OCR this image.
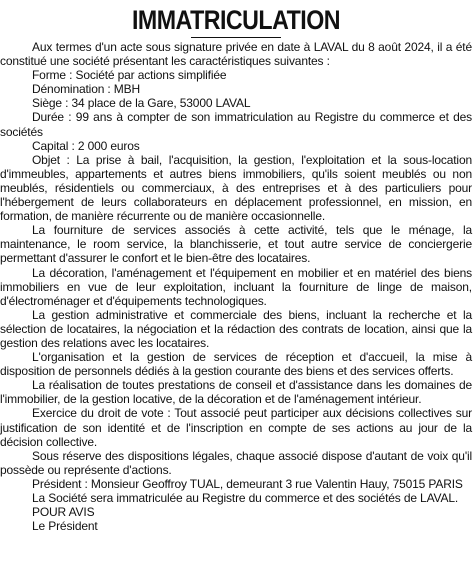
IMMATRICULATION

Aux termes d'un acte sous signature privée en date à LAVAL du 8 août 2024, il a été constitué une société présentant les caractéristiques suivantes :

Forme : Société par actions simplifiée

Dénomination : MBH

Siège : 34 place de la Gare, 53000 LAVAL

Durée : 99 ans à compter de son immatriculation au Registre du commerce et des sociétés

Capital : 2 000 euros

Objet : La prise à bail, l'acquisition, la gestion, l'exploitation et la sous-location d'immeubles, appartements et autres biens immobiliers, qu'ils soient meublés ou non meublés, résidentiels ou commerciaux, à des entreprises et à des particuliers pour l'hébergement de leurs collaborateurs en déplacement professionnel, en mission, en formation, de manière récurrente ou de manière occasionnelle.

La fourniture de services associés à cette activité, tels que le ménage, la maintenance, le room service, la blanchisserie, et tout autre service de conciergerie permettant d'assurer le confort et le bien-être des locataires.

La décoration, l'aménagement et l'équipement en mobilier et en matériel des biens immobiliers en vue de leur exploitation, incluant la fourniture de linge de maison, d'électroménager et d'équipements technologiques.

La gestion administrative et commerciale des biens, incluant la recherche et la sélection de locataires, la négociation et la rédaction des contrats de location, ainsi que la gestion des relations avec les locataires.

L'organisation et la gestion de services de réception et d'accueil, la mise à disposition de personnels dédiés à la gestion courante des biens et des services offerts.

La réalisation de toutes prestations de conseil et d'assistance dans les domaines de l'immobilier, de la gestion locative, de la décoration et de l'aménagement intérieur.

Exercice du droit de vote : Tout associé peut participer aux décisions collectives sur justification de son identité et de l'inscription en compte de ses actions au jour de la décision collective.

Sous réserve des dispositions légales, chaque associé dispose d'autant de voix qu'il possède ou représente d'actions.

Président : Monsieur Geoffroy TUAL, demeurant 3 rue Valentin Hauy, 75015 PARIS

La Société sera immatriculée au Registre du commerce et des sociétés de LAVAL.

POUR AVIS

Le Président
